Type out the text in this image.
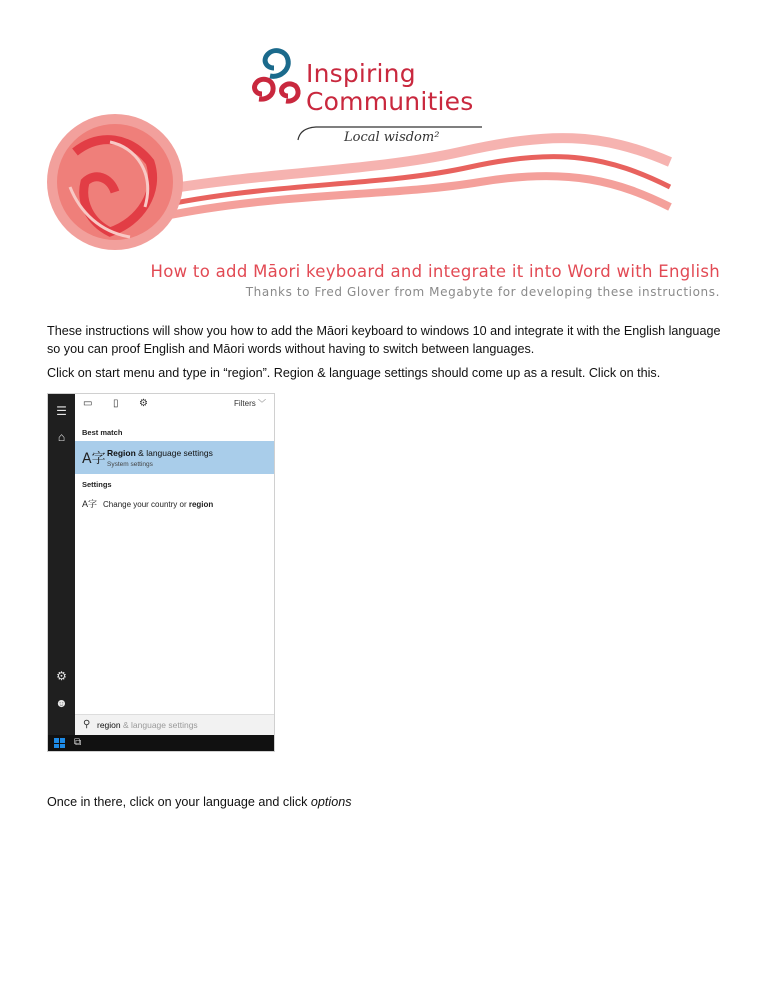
Inspiring
Communities
Local wisdom²
How to add Māori keyboard and integrate it into Word with English
Thanks to Fred Glover from Megabyte for developing these instructions.
These instructions will show you how to add the Māori keyboard to windows 10 and integrate it with the English language so you can proof English and Māori words without having to switch between languages.
Click on start menu and type in “region”. Region & language settings should come up as a result. Click on this.
☰
⌂
⚙
☻
▭ ▯ ⚙	Filters ﹀
Best match
A字 Region & language settings
System settings
Settings
A字 Change your country or region
⚲ region & language settings
⧉
Once in there, click on your language and click options
